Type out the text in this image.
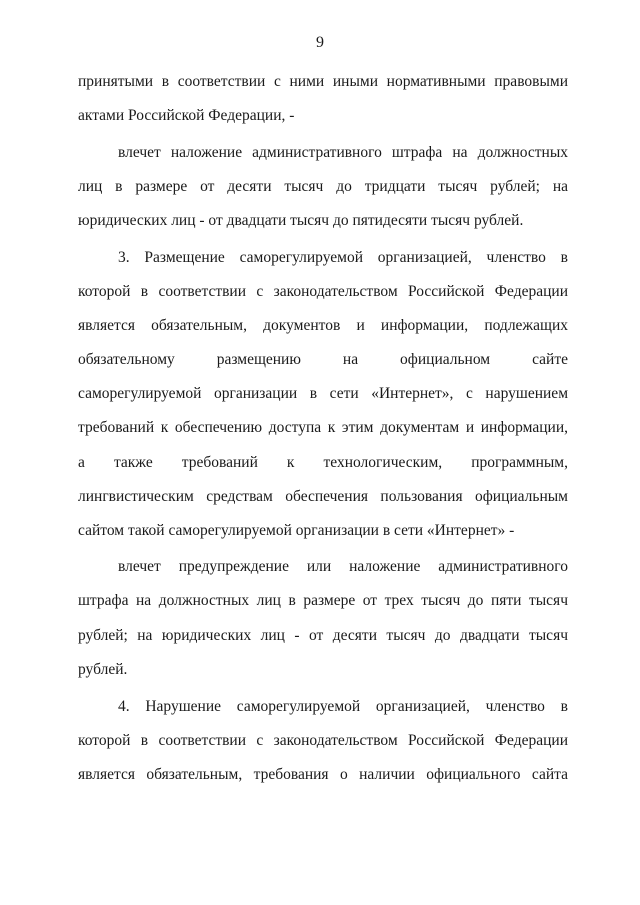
9
принятыми в соответствии с ними иными нормативными правовыми
актами Российской Федерации, -
влечет наложение административного штрафа на должностных
лиц в размере от десяти тысяч до тридцати тысяч рублей; на
юридических лиц - от двадцати тысяч до пятидесяти тысяч рублей.
3. Размещение саморегулируемой организацией, членство в
которой в соответствии с законодательством Российской Федерации
является обязательным, документов и информации, подлежащих
обязательному размещению на официальном сайте
саморегулируемой организации в сети «Интернет», с нарушением
требований к обеспечению доступа к этим документам и информации,
а также требований к технологическим, программным,
лингвистическим средствам обеспечения пользования официальным
сайтом такой саморегулируемой организации в сети «Интернет» -
влечет предупреждение или наложение административного
штрафа на должностных лиц в размере от трех тысяч до пяти тысяч
рублей; на юридических лиц - от десяти тысяч до двадцати тысяч
рублей.
4. Нарушение саморегулируемой организацией, членство в
которой в соответствии с законодательством Российской Федерации
является обязательным, требования о наличии официального сайта
